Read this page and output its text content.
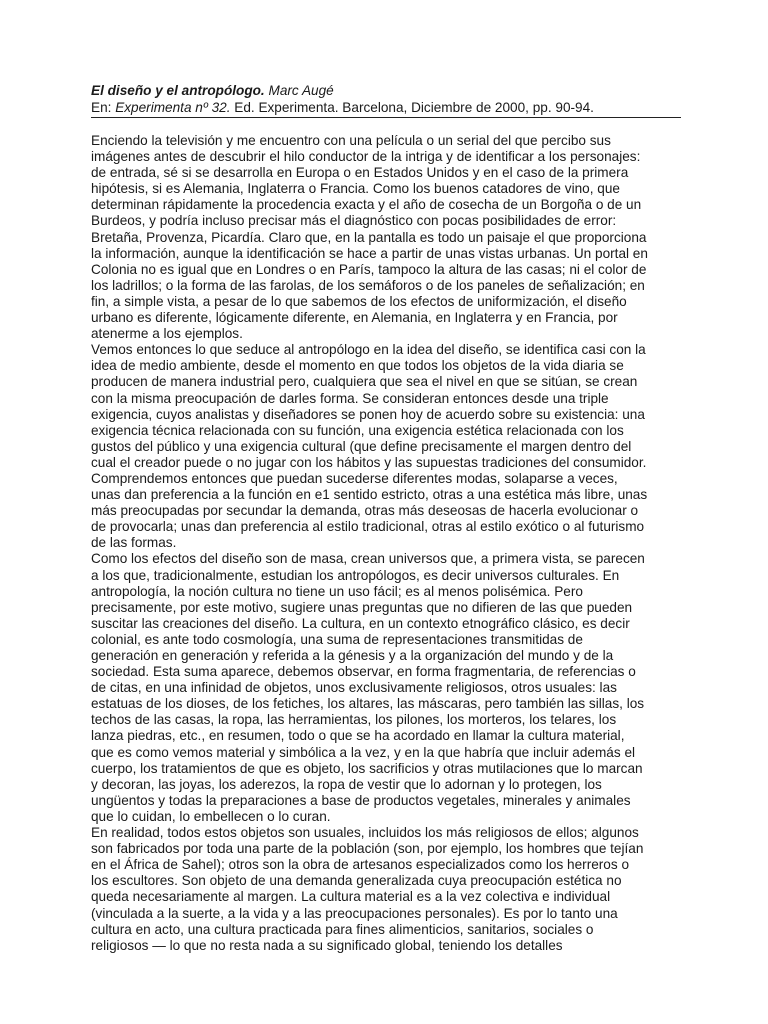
El diseño y el antropólogo. Marc Augé
En: Experimenta nº 32. Ed. Experimenta. Barcelona, Diciembre de 2000, pp. 90-94.

Enciendo la televisión y me encuentro con una película o un serial del que percibo sus
imágenes antes de descubrir el hilo conductor de la intriga y de identificar a los personajes:
de entrada, sé si se desarrolla en Europa o en Estados Unidos y en el caso de la primera
hipótesis, si es Alemania, Inglaterra o Francia. Como los buenos catadores de vino, que
determinan rápidamente la procedencia exacta y el año de cosecha de un Borgoña o de un
Burdeos, y podría incluso precisar más el diagnóstico con pocas posibilidades de error:
Bretaña, Provenza, Picardía. Claro que, en la pantalla es todo un paisaje el que proporciona
la información, aunque la identificación se hace a partir de unas vistas urbanas. Un portal en
Colonia no es igual que en Londres o en París, tampoco la altura de las casas; ni el color de
los ladrillos; o la forma de las farolas, de los semáforos o de los paneles de señalización; en
fin, a simple vista, a pesar de lo que sabemos de los efectos de uniformización, el diseño
urbano es diferente, lógicamente diferente, en Alemania, en Inglaterra y en Francia, por
atenerme a los ejemplos.

Vemos entonces lo que seduce al antropólogo en la idea del diseño, se identifica casi con la
idea de medio ambiente, desde el momento en que todos los objetos de la vida diaria se
producen de manera industrial pero, cualquiera que sea el nivel en que se sitúan, se crean
con la misma preocupación de darles forma. Se consideran entonces desde una triple
exigencia, cuyos analistas y diseñadores se ponen hoy de acuerdo sobre su existencia: una
exigencia técnica relacionada con su función, una exigencia estética relacionada con los
gustos del público y una exigencia cultural (que define precisamente el margen dentro del
cual el creador puede o no jugar con los hábitos y las supuestas tradiciones del consumidor.
Comprendemos entonces que puedan sucederse diferentes modas, solaparse a veces,
unas dan preferencia a la función en e1 sentido estricto, otras a una estética más libre, unas
más preocupadas por secundar la demanda, otras más deseosas de hacerla evolucionar o
de provocarla; unas dan preferencia al estilo tradicional, otras al estilo exótico o al futurismo
de las formas.

Como los efectos del diseño son de masa, crean universos que, a primera vista, se parecen
a los que, tradicionalmente, estudian los antropólogos, es decir universos culturales. En
antropología, la noción cultura no tiene un uso fácil; es al menos polisémica. Pero
precisamente, por este motivo, sugiere unas preguntas que no difieren de las que pueden
suscitar las creaciones del diseño. La cultura, en un contexto etnográfico clásico, es decir
colonial, es ante todo cosmología, una suma de representaciones transmitidas de
generación en generación y referida a la génesis y a la organización del mundo y de la
sociedad. Esta suma aparece, debemos observar, en forma fragmentaria, de referencias o
de citas, en una infinidad de objetos, unos exclusivamente religiosos, otros usuales: las
estatuas de los dioses, de los fetiches, los altares, las máscaras, pero también las sillas, los
techos de las casas, la ropa, las herramientas, los pilones, los morteros, los telares, los
lanza piedras, etc., en resumen, todo o que se ha acordado en llamar la cultura material,
que es como vemos material y simbólica a la vez, y en la que habría que incluir además el
cuerpo, los tratamientos de que es objeto, los sacrificios y otras mutilaciones que lo marcan
y decoran, las joyas, los aderezos, la ropa de vestir que lo adornan y lo protegen, los
ungüentos y todas la preparaciones a base de productos vegetales, minerales y animales
que lo cuidan, lo embellecen o lo curan.

En realidad, todos estos objetos son usuales, incluidos los más religiosos de ellos; algunos
son fabricados por toda una parte de la población (son, por ejemplo, los hombres que tejían
en el África de Sahel); otros son la obra de artesanos especializados como los herreros o
los escultores. Son objeto de una demanda generalizada cuya preocupación estética no
queda necesariamente al margen. La cultura material es a la vez colectiva e individual
(vinculada a la suerte, a la vida y a las preocupaciones personales). Es por lo tanto una
cultura en acto, una cultura practicada para fines alimenticios, sanitarios, sociales o
religiosos — lo que no resta nada a su significado global, teniendo los detalles
